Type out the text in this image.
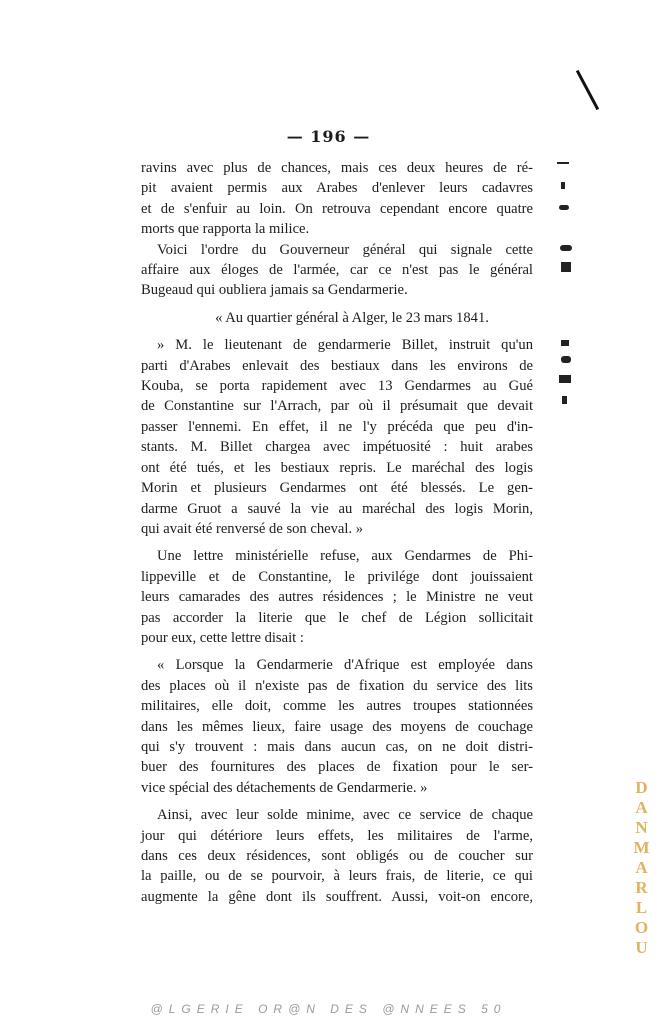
— 196 —

ravins avec plus de chances, mais ces deux heures de ré-

pit avaient permis aux Arabes d'enlever leurs cadavres

et de s'enfuir au loin. On retrouva cependant encore quatre

morts que rapporta la milice.

Voici l'ordre du Gouverneur général qui signale cette

affaire aux éloges de l'armée, car ce n'est pas le général

Bugeaud qui oubliera jamais sa Gendarmerie.

« Au quartier général à Alger, le 23 mars 1841.

» M. le lieutenant de gendarmerie Billet, instruit qu'un

parti d'Arabes enlevait des bestiaux dans les environs de

Kouba, se porta rapidement avec 13 Gendarmes au Gué

de Constantine sur l'Arrach, par où il présumait que devait

passer l'ennemi. En effet, il ne l'y précéda que peu d'in-

stants. M. Billet chargea avec impétuosité : huit arabes

ont été tués, et les bestiaux repris. Le maréchal des logis

Morin et plusieurs Gendarmes ont été blessés. Le gen-

darme Gruot a sauvé la vie au maréchal des logis Morin,

qui avait été renversé de son cheval. »

Une lettre ministérielle refuse, aux Gendarmes de Phi-

lippeville et de Constantine, le privilége dont jouissaient

leurs camarades des autres résidences ; le Ministre ne veut

pas accorder la literie que le chef de Légion sollicitait

pour eux, cette lettre disait :

« Lorsque la Gendarmerie d'Afrique est employée dans

des places où il n'existe pas de fixation du service des lits

militaires, elle doit, comme les autres troupes stationnées

dans les mêmes lieux, faire usage des moyens de couchage

qui s'y trouvent : mais dans aucun cas, on ne doit distri-

buer des fournitures des places de fixation pour le ser-

vice spécial des détachements de Gendarmerie. »

Ainsi, avec leur solde minime, avec ce service de chaque

jour qui détériore leurs effets, les militaires de l'arme,

dans ces deux résidences, sont obligés ou de coucher sur

la paille, ou de se pourvoir, à leurs frais, de literie, ce qui

augmente la gêne dont ils souffrent. Aussi, voit-on encore,	DANMARLOU
@LGERIE OR@N DES @NNEES 50
